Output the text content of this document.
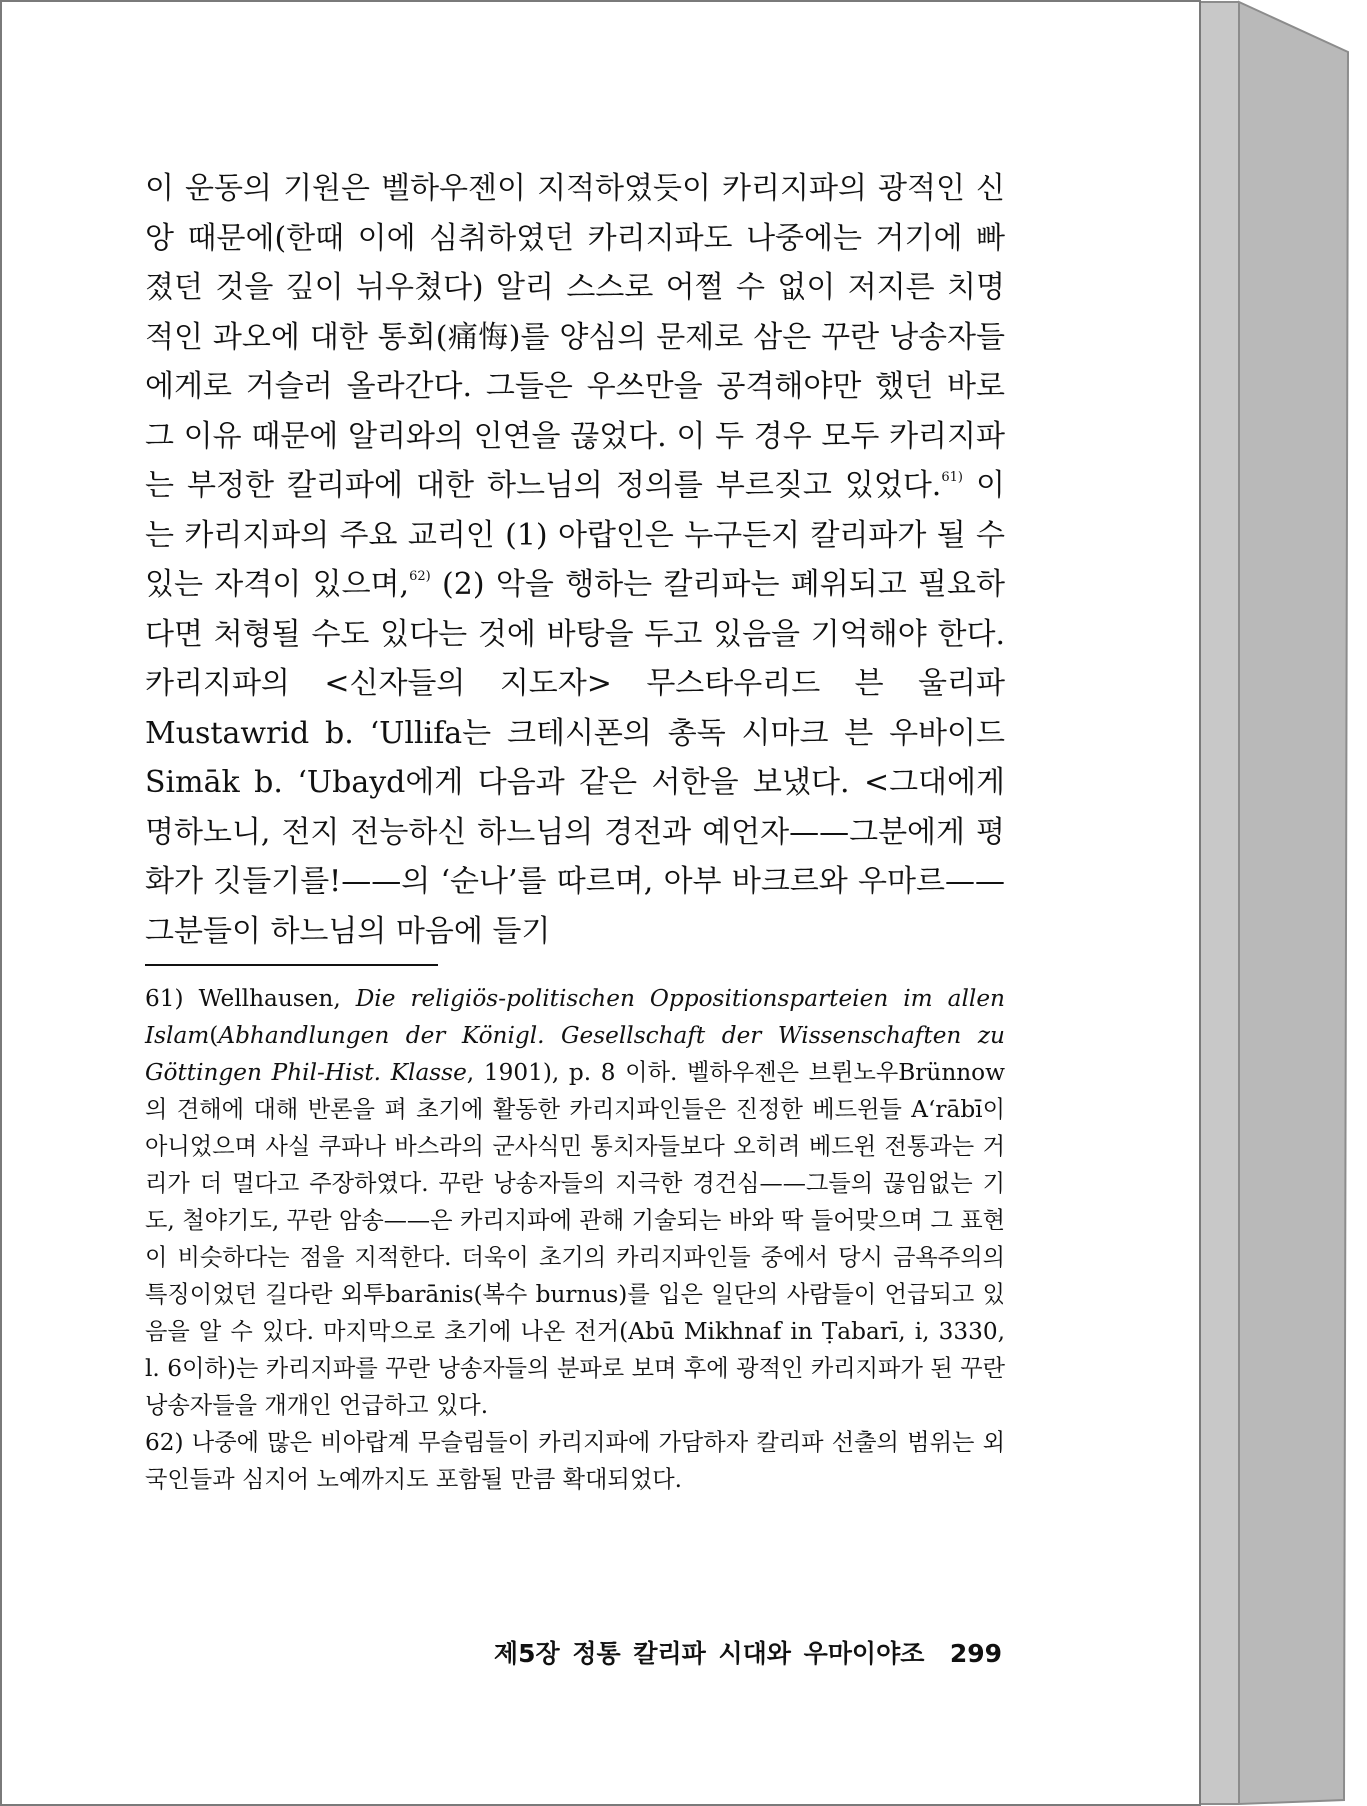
이 운동의 기원은 벨하우젠이 지적하였듯이 카리지파의 광적인 신앙 때문에(한때 이에 심취하였던 카리지파도 나중에는 거기에 빠졌던 것을 깊이 뉘우쳤다) 알리 스스로 어쩔 수 없이 저지른 치명적인 과오에 대한 통회(痛悔)를 양심의 문제로 삼은 꾸란 낭송자들에게로 거슬러 올라간다. 그들은 우쓰만을 공격해야만 했던 바로 그 이유 때문에 알리와의 인연을 끊었다. 이 두 경우 모두 카리지파는 부정한 칼리파에 대한 하느님의 정의를 부르짖고 있었다.$^{61)}$ 이는 카리지파의 주요 교리인 (1) 아랍인은 누구든지 칼리파가 될 수 있는 자격이 있으며,$^{62)}$ (2) 악을 행하는 칼리파는 폐위되고 필요하다면 처형될 수도 있다는 것에 바탕을 두고 있음을 기억해야 한다. 카리지파의 <신자들의 지도자> 무스타우리드 븐 울리파 Mustawrid b. ‘Ullifa는 크테시폰의 총독 시마크 븐 우바이드 Simāk b. ‘Ubayd에게 다음과 같은 서한을 보냈다. <그대에게 명하노니, 전지 전능하신 하느님의 경전과 예언자——그분에게 평화가 깃들기를!——의 ‘순나’를 따르며, 아부 바크르와 우마르——그분들이 하느님의 마음에 들기
61) Wellhausen, Die religiös-politischen Oppositionsparteien im allen Islam(Abhandlungen der Königl. Gesellschaft der Wissenschaften zu Göttingen Phil-Hist. Klasse, 1901), p. 8 이하. 벨하우젠은 브륀노우Brünnow의 견해에 대해 반론을 펴 초기에 활동한 카리지파인들은 진정한 베드윈들 A‘rābī이 아니었으며 사실 쿠파나 바스라의 군사식민 통치자들보다 오히려 베드윈 전통과는 거리가 더 멀다고 주장하였다. 꾸란 낭송자들의 지극한 경건심——그들의 끊임없는 기도, 철야기도, 꾸란 암송——은 카리지파에 관해 기술되는 바와 딱 들어맞으며 그 표현이 비슷하다는 점을 지적한다. 더욱이 초기의 카리지파인들 중에서 당시 금욕주의의 특징이었던 길다란 외투barānis(복수 burnus)를 입은 일단의 사람들이 언급되고 있음을 알 수 있다. 마지막으로 초기에 나온 전거(Abū Mikhnaf in Ṭabarī, i, 3330, l. 6이하)는 카리지파를 꾸란 낭송자들의 분파로 보며 후에 광적인 카리지파가 된 꾸란 낭송자들을 개개인 언급하고 있다.
62) 나중에 많은 비아랍계 무슬림들이 카리지파에 가담하자 칼리파 선출의 범위는 외국인들과 심지어 노예까지도 포함될 만큼 확대되었다.
제5장 정통 칼리파 시대와 우마이야조 299
